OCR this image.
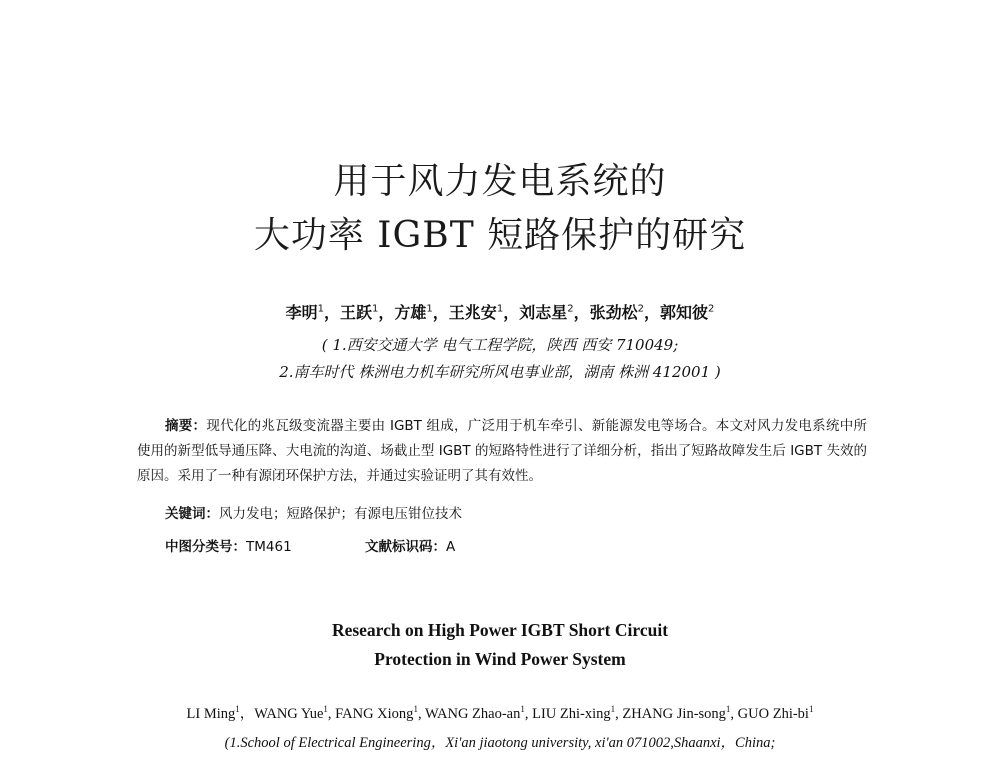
用于风力发电系统的
大功率 IGBT 短路保护的研究
李明$^1$，王跃$^1$，方雄$^1$，王兆安$^1$，刘志星$^2$，张劲松$^2$，郭知彼$^2$
( 1.西安交通大学 电气工程学院，陕西 西安 710049;
2.南车时代 株洲电力机车研究所风电事业部，湖南 株洲 412001 )
摘要：现代化的兆瓦级变流器主要由 IGBT 组成，广泛用于机车牵引、新能源发电等场合。本文对风力发电系统中所使用的新型低导通压降、大电流的沟道、场截止型 IGBT 的短路特性进行了详细分析，指出了短路故障发生后 IGBT 失效的原因。采用了一种有源闭环保护方法，并通过实验证明了其有效性。
关键词：风力发电；短路保护；有源电压钳位技术
中图分类号：TM461	文献标识码：A
Research on High Power IGBT Short Circuit
Protection in Wind Power System
LI Ming$^1$，WANG Yue$^1$, FANG Xiong$^1$, WANG Zhao-$an^1$, LIU Zhi-xing$^1$, ZHANG Jin-song$^1$, GUO Zhi-$bi^1$
(1.School of Electrical Engineering，Xi'an jiaotong university, xi'an 071002,Shaanxi，China;
